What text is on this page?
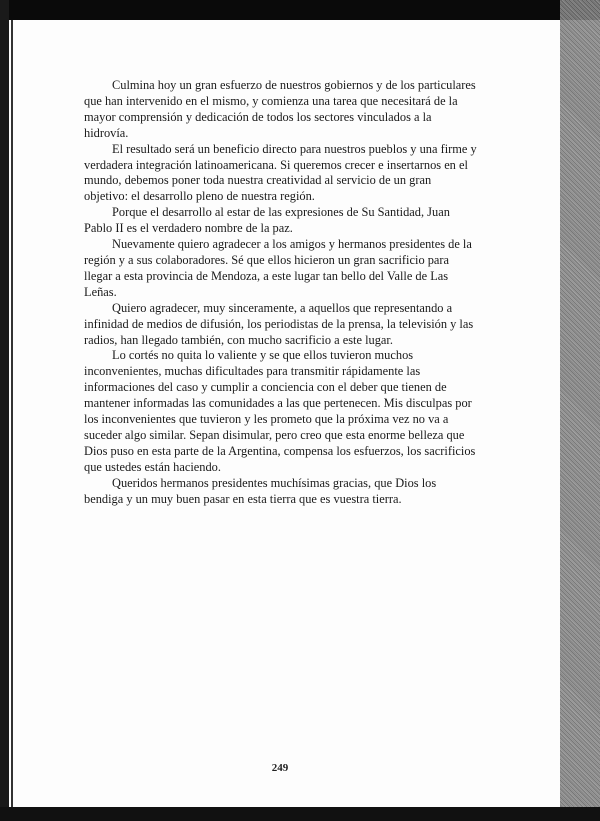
Culmina hoy un gran esfuerzo de nuestros gobiernos y de los particulares que han intervenido en el mismo, y comienza una tarea que necesitará de la mayor comprensión y dedicación de todos los sectores vinculados a la hidrovía.

El resultado será un beneficio directo para nuestros pueblos y una firme y verdadera integración latinoamericana. Si queremos crecer e insertarnos en el mundo, debemos poner toda nuestra creatividad al servicio de un gran objetivo: el desarrollo pleno de nuestra región.

Porque el desarrollo al estar de las expresiones de Su Santidad, Juan Pablo II es el verdadero nombre de la paz.

Nuevamente quiero agradecer a los amigos y hermanos presidentes de la región y a sus colaboradores. Sé que ellos hicieron un gran sacrificio para llegar a esta provincia de Mendoza, a este lugar tan bello del Valle de Las Leñas.

Quiero agradecer, muy sinceramente, a aquellos que representando a infinidad de medios de difusión, los periodistas de la prensa, la televisión y las radios, han llegado también, con mucho sacrificio a este lugar.

Lo cortés no quita lo valiente y se que ellos tuvieron muchos inconvenientes, muchas dificultades para transmitir rápidamente las informaciones del caso y cumplir a conciencia con el deber que tienen de mantener informadas las comunidades a las que pertenecen. Mis disculpas por los inconvenientes que tuvieron y les prometo que la próxima vez no va a suceder algo similar. Sepan disimular, pero creo que esta enorme belleza que Dios puso en esta parte de la Argentina, compensa los esfuerzos, los sacrificios que ustedes están haciendo.

Queridos hermanos presidentes muchísimas gracias, que Dios los bendiga y un muy buen pasar en esta tierra que es vuestra tierra.

249
